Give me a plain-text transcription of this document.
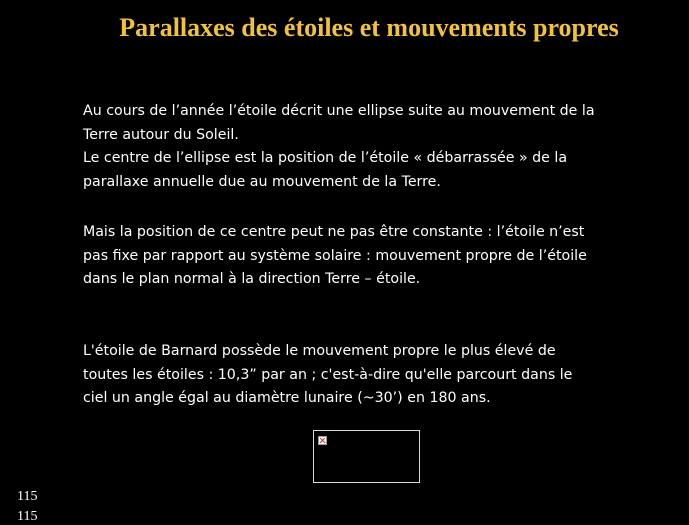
Parallaxes des étoiles et mouvements propres
Au cours de l’année l’étoile décrit une ellipse suite au mouvement de la
Terre autour du Soleil.
Le centre de l’ellipse est la position de l’étoile « débarrassée » de la
parallaxe annuelle due au mouvement de la Terre.
Mais la position de ce centre peut ne pas être constante : l’étoile n’est
pas fixe par rapport au système solaire : mouvement propre de l’étoile
dans le plan normal à la direction Terre – étoile.
L'étoile de Barnard possède le mouvement propre le plus élevé de
toutes les étoiles : 10,3” par an ; c'est-à-dire qu'elle parcourt dans le
ciel un angle égal au diamètre lunaire (~30’) en 180 ans.

115

115
